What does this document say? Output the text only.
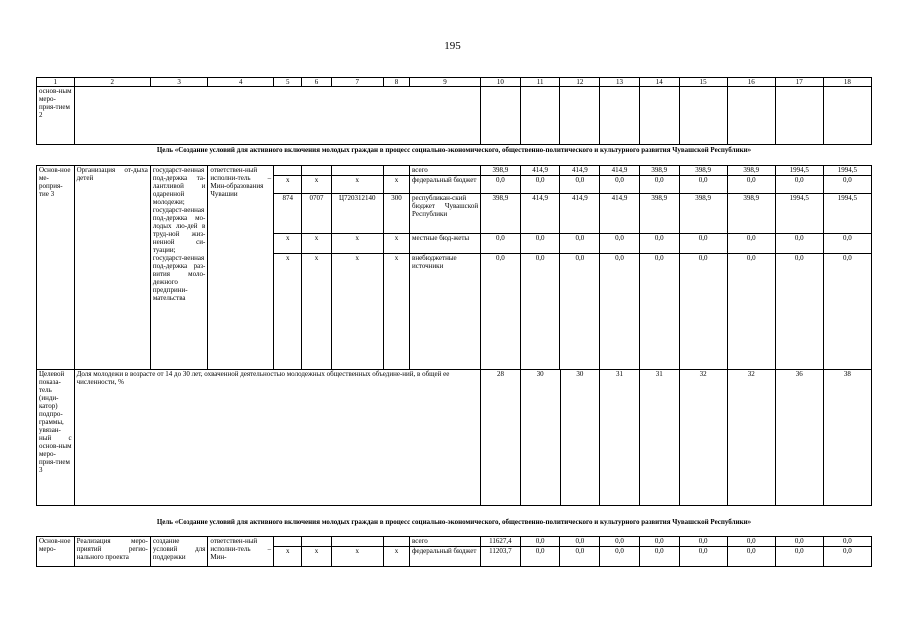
195
1	2	3	4	5	6	7	8	9	10	11	12	13	14	15	16	17	18
основ-ным меро-прия-тием 2																	
Цель «Создание условий для активного включения молодых граждан в процесс социально-экономического, общественно-политического и культурного развития Чувашской Республики»
Основ-ное ме-роприя-тие 3	Организация от-дыха детей	государст-венная под-держка та-лантливой и одаренной молодежи; государст-венная под-держка мо-лодых лю-дей в труд-ной жиз-ненной си-туации; государст-венная под-держка раз-вития моло-дежного предприни-мательства	ответствен-ный исполни-тель – Мин-образования Чувашии					всего	398,9	414,9	414,9	414,9	398,9	398,9	398,9	1994,5	1994,5
				x	x	x	x	федеральный бюджет	0,0	0,0	0,0	0,0	0,0	0,0	0,0	0,0	0,0
				874	0707	Ц720312140	300	республикан-ский бюджет Чувашской Республики	398,9	414,9	414,9	414,9	398,9	398,9	398,9	1994,5	1994,5
				x	x	x	x	местные бюд-жеты	0,0	0,0	0,0	0,0	0,0	0,0	0,0	0,0	0,0
				x	x	x	x	внебюджетные источники	0,0	0,0	0,0	0,0	0,0	0,0	0,0	0,0	0,0
Целевой показа-тель (инди-катор) подпро-граммы, увязан-ный с основ-ным меро-прия-тием 3	Доля молодежи в возрасте от 14 до 30 лет, охваченной деятельностью молодежных общественных объедине-ний, в общей ее численности, %	28	30	30	31	31	32	32	36	38
Цель «Создание условий для активного включения молодых граждан в процесс социально-экономического, общественно-политического и культурного развития Чувашской Республики»
Основ-ное меро-	Реализация меро-приятий регио-нального проекта	создание условий для поддержки	ответствен-ный исполни-тель – Мин-					всего	11627,4	0,0	0,0	0,0	0,0	0,0	0,0	0,0	0,0
				x	x	x	x	федеральный бюджет	11203,7	0,0	0,0	0,0	0,0	0,0	0,0	0,0	0,0
